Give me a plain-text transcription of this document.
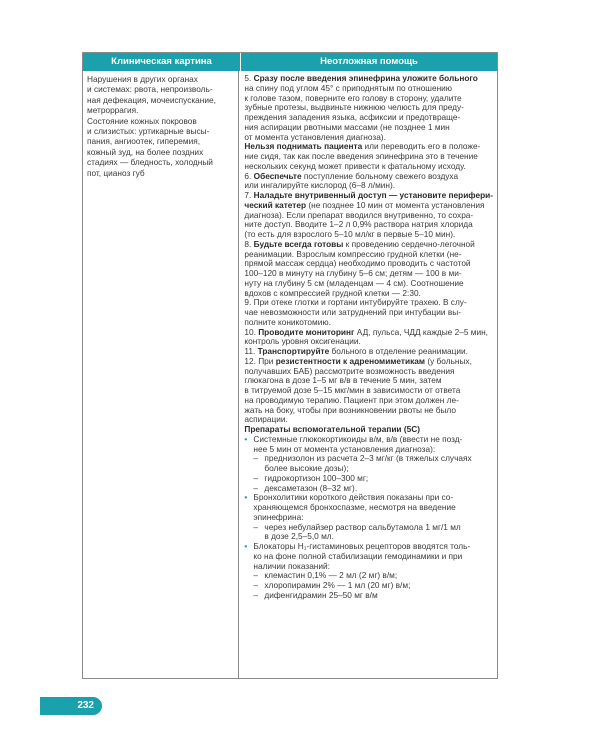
Клиническая картина	Неотложная помощь
Нарушения в других органах
и системах: рвота, непроизволь-
ная дефекация, мочеиспускание,
метроррагия.
Состояние кожных покровов
и слизистых: уртикарные высы-
пания, ангиоотек, гиперемия,
кожный зуд, на более поздних
стадиях — бледность, холодный
пот, цианоз губ
5. Сразу после введения эпинефрина уложите больного
на спину под углом 45° с приподнятым по отношению
к голове тазом, поверните его голову в сторону, удалите
зубные протезы, выдвиньте нижнюю челюсть для преду-
преждения западения языка, асфиксии и предотвраще-
ния аспирации рвотными массами (не позднее 1 мин
от момента установления диагноза).
Нельзя поднимать пациента или переводить его в положе-
ние сидя, так как после введения эпинефрина это в течение
нескольких секунд может привести к фатальному исходу.
6. Обеспечьте поступление больному свежего воздуха
или ингалируйте кислород (6–8 л/мин).
7. Наладьте внутривенный доступ — установите перифери-
ческий катетер (не позднее 10 мин от момента установления
диагноза). Если препарат вводился внутривенно, то сохра-
ните доступ. Вводите 1–2 л 0,9% раствора натрия хлорида
(то есть для взрослого 5–10 мл/кг в первые 5–10 мин).
8. Будьте всегда готовы к проведению сердечно-легочной
реанимации. Взрослым компрессию грудной клетки (не-
прямой массаж сердца) необходимо проводить с частотой
100–120 в минуту на глубину 5–6 см; детям — 100 в ми-
нуту на глубину 5 см (младенцам — 4 см). Соотношение
вдохов с компрессией грудной клетки — 2:30.
9. При отеке глотки и гортани интубируйте трахею. В слу-
чае невозможности или затруднений при интубации вы-
полните коникотомию.
10. Проводите мониторинг АД, пульса, ЧДД каждые 2–5 мин,
контроль уровня оксигенации.
11. Транспортируйте больного в отделение реанимации.
12. При резистентности к адреномиметикам (у больных,
получавших БАБ) рассмотрите возможность введения
глюкагона в дозе 1–5 мг в/в в течение 5 мин, затем
в титруемой дозе 5–15 мкг/мин в зависимости от ответа
на проводимую терапию. Пациент при этом должен ле-
жать на боку, чтобы при возникновении рвоты не было
аспирации.
Препараты вспомогательной терапии (5С)
• Системные глюкокортикоиды в/м, в/в (ввести не позд-
нее 5 мин от момента установления диагноза):
– преднизолон из расчета 2–3 мг/кг (в тяжелых случаях
более высокие дозы);
– гидрокортизон 100–300 мг;
– дексаметазон (8–32 мг).
• Бронхолитики короткого действия показаны при со-
храняющемся бронхоспазме, несмотря на введение
эпинефрина:
– через небулайзер раствор сальбутамола 1 мг/1 мл
в дозе 2,5–5,0 мл.
• Блокаторы H₁-гистаминовых рецепторов вводятся толь-
ко на фоне полной стабилизации гемодинамики и при
наличии показаний:
– клемастин 0,1% — 2 мл (2 мг) в/м;
– хлоропирамин 2% — 1 мл (20 мг) в/м;
– дифенгидрамин 25–50 мг в/м
232
